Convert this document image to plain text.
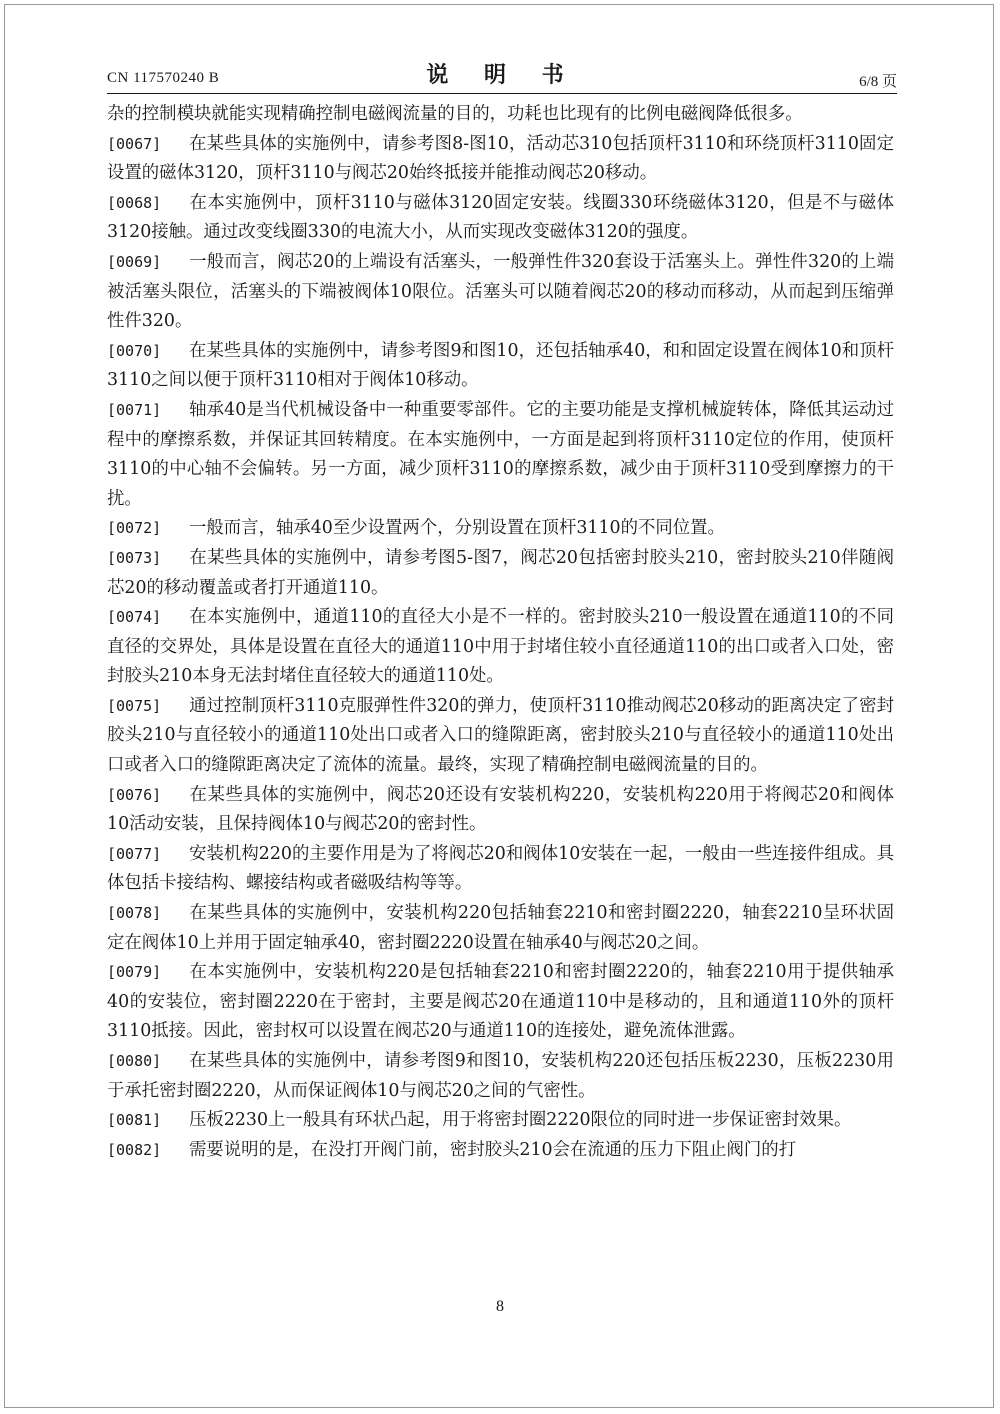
CN 117570240 B	说 明 书	6/8 页

杂的控制模块就能实现精确控制电磁阀流量的目的，功耗也比现有的比例电磁阀降低很多。

[0067] 在某些具体的实施例中，请参考图8-图10，活动芯310包括顶杆3110和环绕顶杆3110固定设置的磁体3120，顶杆3110与阀芯20始终抵接并能推动阀芯20移动。

[0068] 在本实施例中，顶杆3110与磁体3120固定安装。线圈330环绕磁体3120，但是不与磁体3120接触。通过改变线圈330的电流大小，从而实现改变磁体3120的强度。

[0069] 一般而言，阀芯20的上端设有活塞头，一般弹性件320套设于活塞头上。弹性件320的上端被活塞头限位，活塞头的下端被阀体10限位。活塞头可以随着阀芯20的移动而移动，从而起到压缩弹性件320。

[0070] 在某些具体的实施例中，请参考图9和图10，还包括轴承40，和和固定设置在阀体10和顶杆3110之间以便于顶杆3110相对于阀体10移动。

[0071] 轴承40是当代机械设备中一种重要零部件。它的主要功能是支撑机械旋转体，降低其运动过程中的摩擦系数，并保证其回转精度。在本实施例中，一方面是起到将顶杆3110定位的作用，使顶杆3110的中心轴不会偏转。另一方面，减少顶杆3110的摩擦系数，减少由于顶杆3110受到摩擦力的干扰。

[0072] 一般而言，轴承40至少设置两个，分别设置在顶杆3110的不同位置。

[0073] 在某些具体的实施例中，请参考图5-图7，阀芯20包括密封胶头210，密封胶头210伴随阀芯20的移动覆盖或者打开通道110。

[0074] 在本实施例中，通道110的直径大小是不一样的。密封胶头210一般设置在通道110的不同直径的交界处，具体是设置在直径大的通道110中用于封堵住较小直径通道110的出口或者入口处，密封胶头210本身无法封堵住直径较大的通道110处。

[0075] 通过控制顶杆3110克服弹性件320的弹力，使顶杆3110推动阀芯20移动的距离决定了密封胶头210与直径较小的通道110处出口或者入口的缝隙距离，密封胶头210与直径较小的通道110处出口或者入口的缝隙距离决定了流体的流量。最终，实现了精确控制电磁阀流量的目的。

[0076] 在某些具体的实施例中，阀芯20还设有安装机构220，安装机构220用于将阀芯20和阀体10活动安装，且保持阀体10与阀芯20的密封性。

[0077] 安装机构220的主要作用是为了将阀芯20和阀体10安装在一起，一般由一些连接件组成。具体包括卡接结构、螺接结构或者磁吸结构等等。

[0078] 在某些具体的实施例中，安装机构220包括轴套2210和密封圈2220，轴套2210呈环状固定在阀体10上并用于固定轴承40，密封圈2220设置在轴承40与阀芯20之间。

[0079] 在本实施例中，安装机构220是包括轴套2210和密封圈2220的，轴套2210用于提供轴承40的安装位，密封圈2220在于密封，主要是阀芯20在通道110中是移动的，且和通道110外的顶杆3110抵接。因此，密封权可以设置在阀芯20与通道110的连接处，避免流体泄露。

[0080] 在某些具体的实施例中，请参考图9和图10，安装机构220还包括压板2230，压板2230用于承托密封圈2220，从而保证阀体10与阀芯20之间的气密性。

[0081] 压板2230上一般具有环状凸起，用于将密封圈2220限位的同时进一步保证密封效果。

[0082] 需要说明的是，在没打开阀门前，密封胶头210会在流通的压力下阻止阀门的打

8
